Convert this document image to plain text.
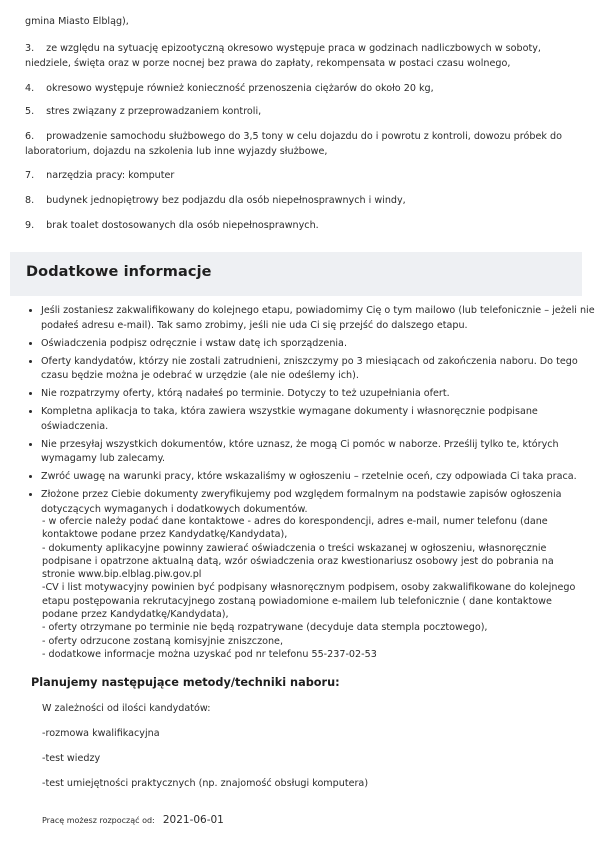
gmina Miasto Elbląg),

3. ze względu na sytuację epizootyczną okresowo występuje praca w godzinach nadliczbowych w soboty, niedziele, święta oraz w porze nocnej bez prawa do zapłaty, rekompensata w postaci czasu wolnego,

4. okresowo występuje również konieczność przenoszenia ciężarów do około 20 kg,

5. stres związany z przeprowadzaniem kontroli,

6. prowadzenie samochodu służbowego do 3,5 tony w celu dojazdu do i powrotu z kontroli, dowozu próbek do laboratorium, dojazdu na szkolenia lub inne wyjazdy służbowe,

7. narzędzia pracy: komputer

8. budynek jednopiętrowy bez podjazdu dla osób niepełnosprawnych i windy,

9. brak toalet dostosowanych dla osób niepełnosprawnych.

Dodatkowe informacje
• Jeśli zostaniesz zakwalifikowany do kolejnego etapu, powiadomimy Cię o tym mailowo (lub telefonicznie – jeżeli nie podałeś adresu e-mail). Tak samo zrobimy, jeśli nie uda Ci się przejść do dalszego etapu.
• Oświadczenia podpisz odręcznie i wstaw datę ich sporządzenia.
• Oferty kandydatów, którzy nie zostali zatrudnieni, zniszczymy po 3 miesiącach od zakończenia naboru. Do tego czasu będzie można je odebrać w urzędzie (ale nie odeślemy ich).
• Nie rozpatrzymy oferty, którą nadałeś po terminie. Dotyczy to też uzupełniania ofert.
• Kompletna aplikacja to taka, która zawiera wszystkie wymagane dokumenty i własnoręcznie podpisane oświadczenia.
• Nie przesyłaj wszystkich dokumentów, które uznasz, że mogą Ci pomóc w naborze. Prześlij tylko te, których wymagamy lub zalecamy.
• Zwróć uwagę na warunki pracy, które wskazaliśmy w ogłoszeniu – rzetelnie oceń, czy odpowiada Ci taka praca.
• Złożone przez Ciebie dokumenty zweryfikujemy pod względem formalnym na podstawie zapisów ogłoszenia dotyczących wymaganych i dodatkowych dokumentów.

- w ofercie należy podać dane kontaktowe - adres do korespondencji, adres e-mail, numer telefonu (dane kontaktowe podane przez Kandydatkę/Kandydata),

- dokumenty aplikacyjne powinny zawierać oświadczenia o treści wskazanej w ogłoszeniu, własnoręcznie podpisane i opatrzone aktualną datą, wzór oświadczenia oraz kwestionariusz osobowy jest do pobrania na stronie www.bip.elblag.piw.gov.pl

-CV i list motywacyjny powinien być podpisany własnoręcznym podpisem, osoby zakwalifikowane do kolejnego etapu postępowania rekrutacyjnego zostaną powiadomione e-mailem lub telefonicznie ( dane kontaktowe podane przez Kandydatkę/Kandydata),

- oferty otrzymane po terminie nie będą rozpatrywane (decyduje data stempla pocztowego),

- oferty odrzucone zostaną komisyjnie zniszczone,

- dodatkowe informacje można uzyskać pod nr telefonu 55-237-02-53

Planujemy następujące metody/techniki naboru:

W zależności od ilości kandydatów:

-rozmowa kwalifikacyjna

-test wiedzy

-test umiejętności praktycznych (np. znajomość obsługi komputera)

Pracę możesz rozpocząć od: 2021-06-01
